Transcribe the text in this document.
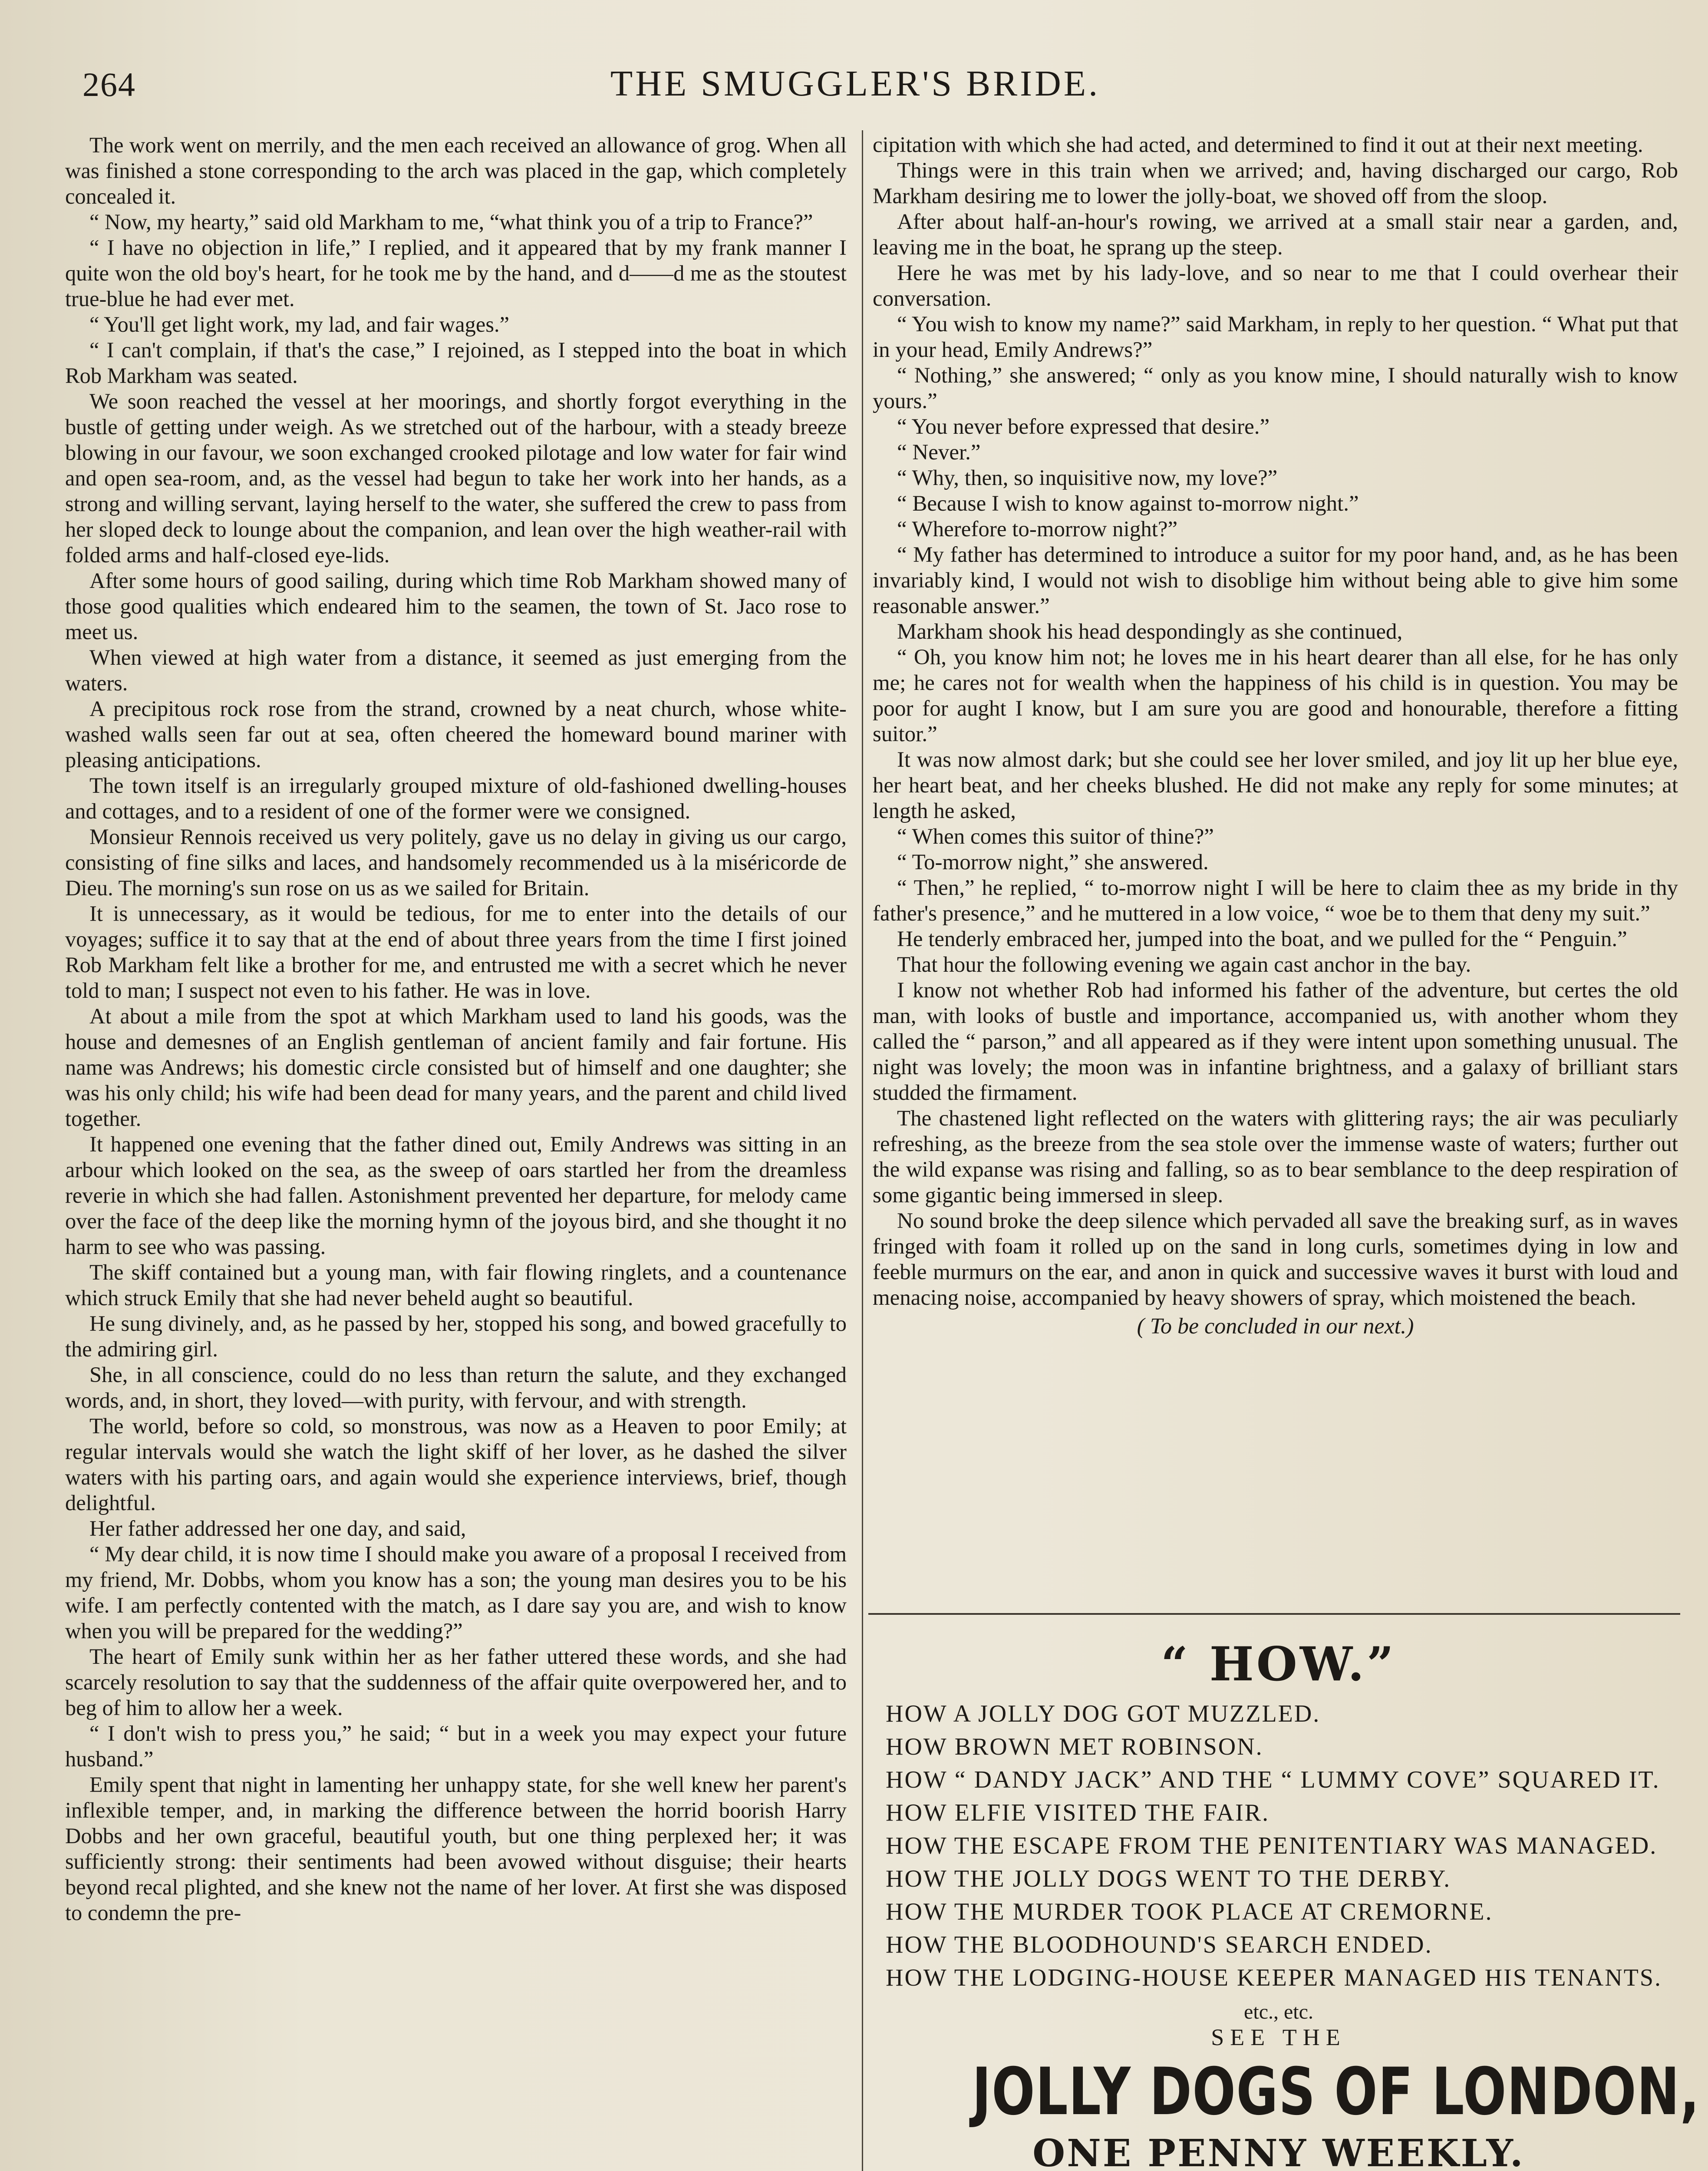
264	THE SMUGGLER'S BRIDE.

The work went on merrily, and the men each received an allowance of grog. When all was finished a stone corresponding to the arch was placed in the gap, which completely concealed it.

“ Now, my hearty,” said old Markham to me, “what think you of a trip to France?”

“ I have no objection in life,” I replied, and it appeared that by my frank manner I quite won the old boy's heart, for he took me by the hand, and d——d me as the stoutest true-blue he had ever met.

“ You'll get light work, my lad, and fair wages.”

“ I can't complain, if that's the case,” I rejoined, as I stepped into the boat in which Rob Markham was seated.

We soon reached the vessel at her moorings, and shortly forgot everything in the bustle of getting under weigh. As we stretched out of the harbour, with a steady breeze blowing in our favour, we soon exchanged crooked pilotage and low water for fair wind and open sea-room, and, as the vessel had begun to take her work into her hands, as a strong and willing servant, laying herself to the water, she suffered the crew to pass from her sloped deck to lounge about the companion, and lean over the high weather-rail with folded arms and half-closed eye-lids.

After some hours of good sailing, during which time Rob Markham showed many of those good qualities which endeared him to the seamen, the town of St. Jaco rose to meet us.

When viewed at high water from a distance, it seemed as just emerging from the waters.

A precipitous rock rose from the strand, crowned by a neat church, whose white-washed walls seen far out at sea, often cheered the homeward bound mariner with pleasing anticipations.

The town itself is an irregularly grouped mixture of old-fashioned dwelling-houses and cottages, and to a resident of one of the former were we consigned.

Monsieur Rennois received us very politely, gave us no delay in giving us our cargo, consisting of fine silks and laces, and handsomely recommended us à la miséricorde de Dieu. The morning's sun rose on us as we sailed for Britain.

It is unnecessary, as it would be tedious, for me to enter into the details of our voyages; suffice it to say that at the end of about three years from the time I first joined Rob Markham felt like a brother for me, and entrusted me with a secret which he never told to man; I suspect not even to his father. He was in love.

At about a mile from the spot at which Markham used to land his goods, was the house and demesnes of an English gentleman of ancient family and fair fortune. His name was Andrews; his domestic circle consisted but of himself and one daughter; she was his only child; his wife had been dead for many years, and the parent and child lived together.

It happened one evening that the father dined out, Emily Andrews was sitting in an arbour which looked on the sea, as the sweep of oars startled her from the dreamless reverie in which she had fallen. Astonishment prevented her departure, for melody came over the face of the deep like the morning hymn of the joyous bird, and she thought it no harm to see who was passing.

The skiff contained but a young man, with fair flowing ringlets, and a countenance which struck Emily that she had never beheld aught so beautiful.

He sung divinely, and, as he passed by her, stopped his song, and bowed gracefully to the admiring girl.

She, in all conscience, could do no less than return the salute, and they exchanged words, and, in short, they loved—with purity, with fervour, and with strength.

The world, before so cold, so monstrous, was now as a Heaven to poor Emily; at regular intervals would she watch the light skiff of her lover, as he dashed the silver waters with his parting oars, and again would she experience interviews, brief, though delightful.

Her father addressed her one day, and said,

“ My dear child, it is now time I should make you aware of a proposal I received from my friend, Mr. Dobbs, whom you know has a son; the young man desires you to be his wife. I am perfectly contented with the match, as I dare say you are, and wish to know when you will be prepared for the wedding?”

The heart of Emily sunk within her as her father uttered these words, and she had scarcely resolution to say that the suddenness of the affair quite overpowered her, and to beg of him to allow her a week.

“ I don't wish to press you,” he said; “ but in a week you may expect your future husband.”

Emily spent that night in lamenting her unhappy state, for she well knew her parent's inflexible temper, and, in marking the difference between the horrid boorish Harry Dobbs and her own graceful, beautiful youth, but one thing perplexed her; it was sufficiently strong: their sentiments had been avowed without disguise; their hearts beyond recal plighted, and she knew not the name of her lover. At first she was disposed to condemn the pre-

cipitation with which she had acted, and determined to find it out at their next meeting.

Things were in this train when we arrived; and, having discharged our cargo, Rob Markham desiring me to lower the jolly-boat, we shoved off from the sloop.

After about half-an-hour's rowing, we arrived at a small stair near a garden, and, leaving me in the boat, he sprang up the steep.

Here he was met by his lady-love, and so near to me that I could overhear their conversation.

“ You wish to know my name?” said Markham, in reply to her question. “ What put that in your head, Emily Andrews?”

“ Nothing,” she answered; “ only as you know mine, I should naturally wish to know yours.”

“ You never before expressed that desire.”

“ Never.”

“ Why, then, so inquisitive now, my love?”

“ Because I wish to know against to-morrow night.”

“ Wherefore to-morrow night?”

“ My father has determined to introduce a suitor for my poor hand, and, as he has been invariably kind, I would not wish to disoblige him without being able to give him some reasonable answer.”

Markham shook his head despondingly as she continued,

“ Oh, you know him not; he loves me in his heart dearer than all else, for he has only me; he cares not for wealth when the happiness of his child is in question. You may be poor for aught I know, but I am sure you are good and honourable, therefore a fitting suitor.”

It was now almost dark; but she could see her lover smiled, and joy lit up her blue eye, her heart beat, and her cheeks blushed. He did not make any reply for some minutes; at length he asked,

“ When comes this suitor of thine?”

“ To-morrow night,” she answered.

“ Then,” he replied, “ to-morrow night I will be here to claim thee as my bride in thy father's presence,” and he muttered in a low voice, “ woe be to them that deny my suit.”

He tenderly embraced her, jumped into the boat, and we pulled for the “ Penguin.”

That hour the following evening we again cast anchor in the bay.

I know not whether Rob had informed his father of the adventure, but certes the old man, with looks of bustle and importance, accompanied us, with another whom they called the “ parson,” and all appeared as if they were intent upon something unusual. The night was lovely; the moon was in infantine brightness, and a galaxy of brilliant stars studded the firmament.

The chastened light reflected on the waters with glittering rays; the air was peculiarly refreshing, as the breeze from the sea stole over the immense waste of waters; further out the wild expanse was rising and falling, so as to bear semblance to the deep respiration of some gigantic being immersed in sleep.

No sound broke the deep silence which pervaded all save the breaking surf, as in waves fringed with foam it rolled up on the sand in long curls, sometimes dying in low and feeble murmurs on the ear, and anon in quick and successive waves it burst with loud and menacing noise, accompanied by heavy showers of spray, which moistened the beach.

( To be concluded in our next.)

“ HOW.”
HOW A JOLLY DOG GOT MUZZLED.
HOW BROWN MET ROBINSON.
HOW “ DANDY JACK” AND THE “ LUMMY COVE” SQUARED IT.
HOW ELFIE VISITED THE FAIR.
HOW THE ESCAPE FROM THE PENITENTIARY WAS MANAGED.
HOW THE JOLLY DOGS WENT TO THE DERBY.
HOW THE MURDER TOOK PLACE AT CREMORNE.
HOW THE BLOODHOUND'S SEARCH ENDED.
HOW THE LODGING-HOUSE KEEPER MANAGED HIS TENANTS.
etc., etc.
SEE THE
JOLLY DOGS OF LONDON,
ONE PENNY WEEKLY.
